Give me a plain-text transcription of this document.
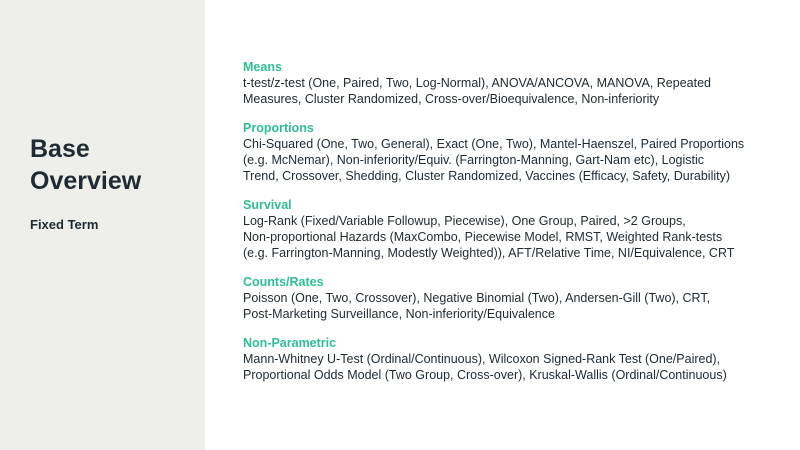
Base
Overview
Fixed Term
Means
t-test/z-test (One, Paired, Two, Log-Normal), ANOVA/ANCOVA, MANOVA, Repeated
Measures, Cluster Randomized, Cross-over/Bioequivalence, Non-inferiority
Proportions
Chi-Squared (One, Two, General), Exact (One, Two), Mantel-Haenszel, Paired Proportions
(e.g. McNemar), Non-inferiority/Equiv. (Farrington-Manning, Gart-Nam etc), Logistic
Trend, Crossover, Shedding, Cluster Randomized, Vaccines (Efficacy, Safety, Durability)
Survival
Log-Rank (Fixed/Variable Followup, Piecewise), One Group, Paired, >2 Groups,
Non-proportional Hazards (MaxCombo, Piecewise Model, RMST, Weighted Rank-tests
(e.g. Farrington-Manning, Modestly Weighted)), AFT/Relative Time, NI/Equivalence, CRT
Counts/Rates
Poisson (One, Two, Crossover), Negative Binomial (Two), Andersen-Gill (Two), CRT,
Post-Marketing Surveillance, Non-inferiority/Equivalence
Non-Parametric
Mann-Whitney U-Test (Ordinal/Continuous), Wilcoxon Signed-Rank Test (One/Paired),
Proportional Odds Model (Two Group, Cross-over), Kruskal-Wallis (Ordinal/Continuous)
